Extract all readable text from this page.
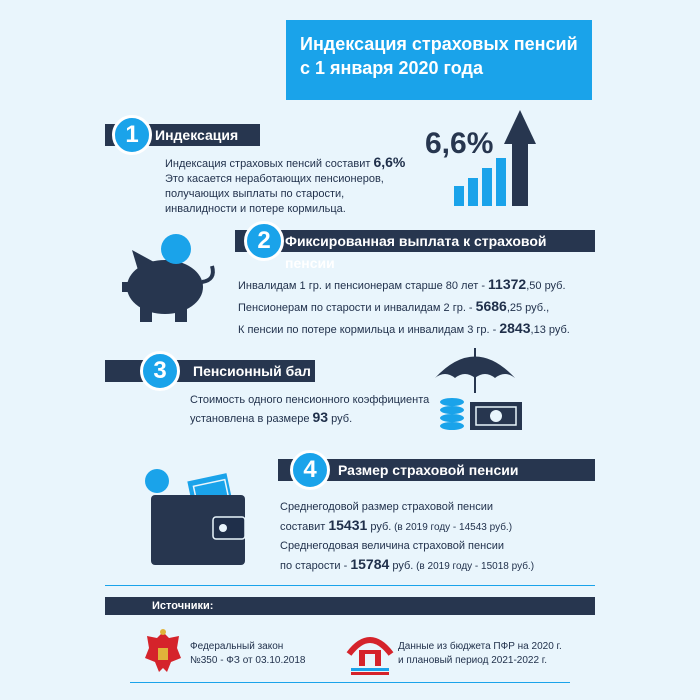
Индексация страховых пенсий
с 1 января 2020 года
Индексация
1
Индексация страховых пенсий составит 6,6%
Это касается неработающих пенсионеров,
получающих выплаты по старости,
инвалидности и потере кормильца.
6,6%
Фиксированная выплата к страховой пенсии
2
Инвалидам 1 гр. и пенсионерам старше 80 лет - 11372,50 руб.
Пенсионерам по старости и инвалидам 2 гр. - 5686,25 руб.,
К пенсии по потере кормильца и инвалидам 3 гр. - 2843,13 руб.
Пенсионный бал
3
Стоимость одного пенсионного коэффициента
установлена в размере 93 руб.
Размер страховой пенсии
4
Среднегодовой размер страховой пенсии
составит 15431 руб. (в 2019 году - 14543 руб.)
Среднегодовая величина страховой пенсии
по старости - 15784 руб. (в 2019 году - 15018 руб.)
Источники:
Федеральный закон
№350 - ФЗ от 03.10.2018
Данные из бюджета ПФР на 2020 г.
и плановый период 2021-2022 г.
